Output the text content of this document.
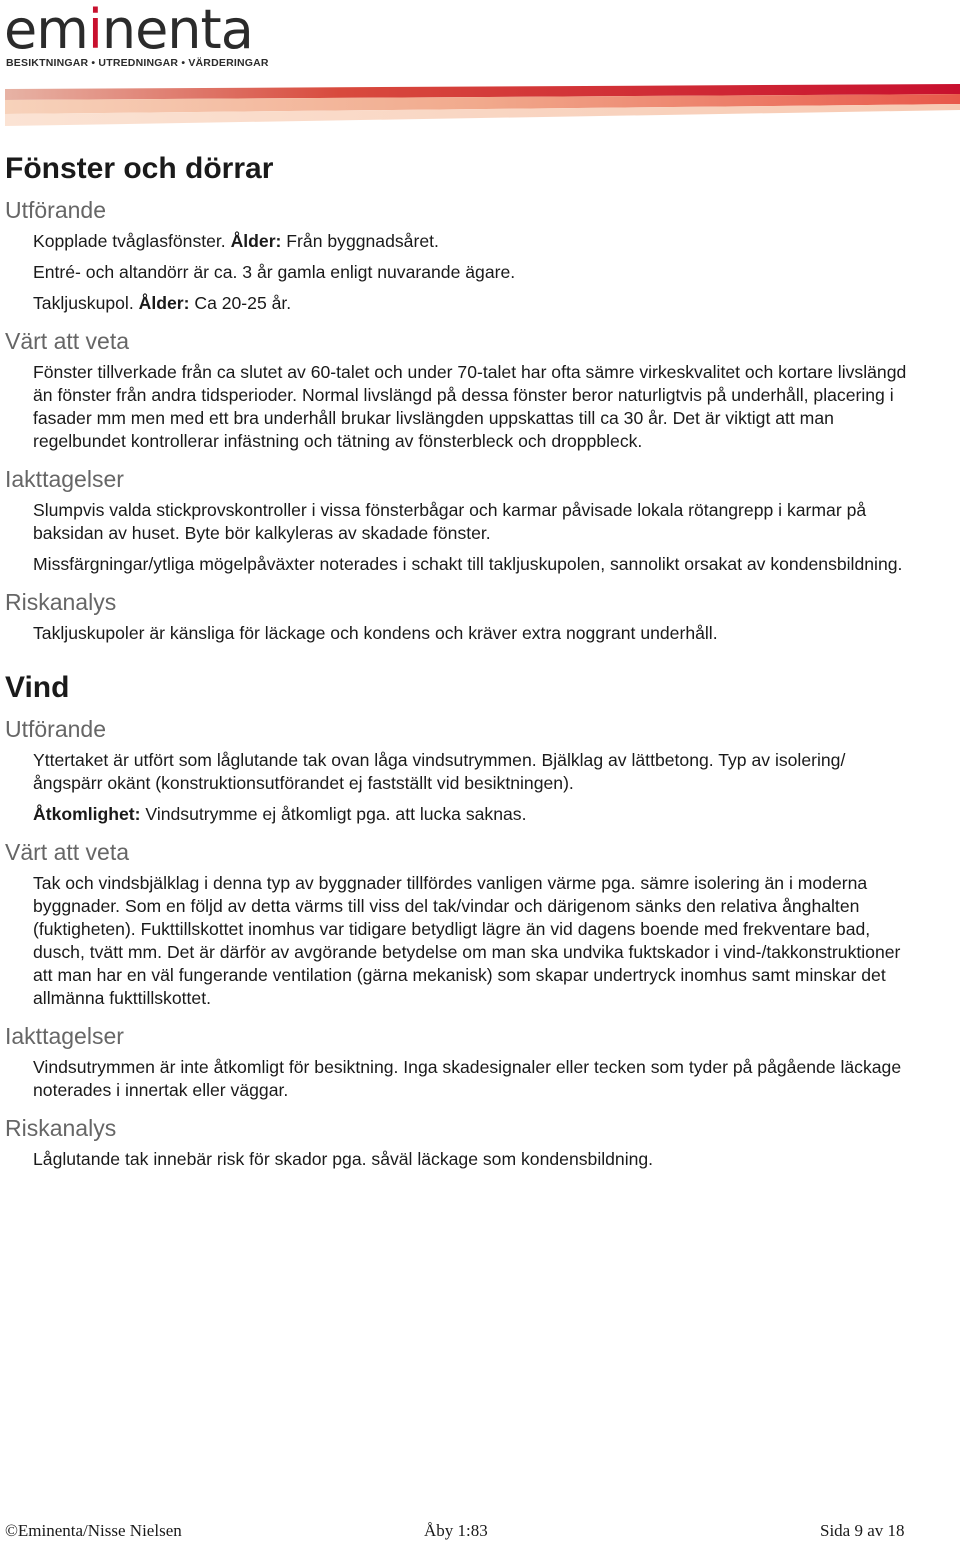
eminenta
BESIKTNINGAR • UTREDNINGAR • VÄRDERINGAR
Fönster och dörrar
Utförande

Kopplade tvåglasfönster. Ålder: Från byggnadsåret.

Entré- och altandörr är ca. 3 år gamla enligt nuvarande ägare.

Takljuskupol. Ålder: Ca 20-25 år.

Värt att veta

Fönster tillverkade från ca slutet av 60-talet och under 70-talet har ofta sämre virkeskvalitet och kortare livslängd än fönster från andra tidsperioder. Normal livslängd på dessa fönster beror naturligtvis på underhåll, placering i fasader mm men med ett bra underhåll brukar livslängden uppskattas till ca 30 år. Det är viktigt att man regelbundet kontrollerar infästning och tätning av fönsterbleck och droppbleck.

Iakttagelser

Slumpvis valda stickprovskontroller i vissa fönsterbågar och karmar påvisade lokala rötangrepp i karmar på baksidan av huset. Byte bör kalkyleras av skadade fönster.

Missfärgningar/ytliga mögelpåväxter noterades i schakt till takljuskupolen, sannolikt orsakat av kondensbildning.

Riskanalys

Takljuskupoler är känsliga för läckage och kondens och kräver extra noggrant underhåll.

Vind
Utförande

Yttertaket är utfört som låglutande tak ovan låga vindsutrymmen. Bjälklag av lättbetong. Typ av isolering/ångspärr okänt (konstruktionsutförandet ej fastställt vid besiktningen).

Åtkomlighet: Vindsutrymme ej åtkomligt pga. att lucka saknas.

Värt att veta

Tak och vindsbjälklag i denna typ av byggnader tillfördes vanligen värme pga. sämre isolering än i moderna byggnader. Som en följd av detta värms till viss del tak/vindar och därigenom sänks den relativa ånghalten (fuktigheten). Fukttillskottet inomhus var tidigare betydligt lägre än vid dagens boende med frekventare bad, dusch, tvätt mm. Det är därför av avgörande betydelse om man ska undvika fuktskador i vind-/takkonstruktioner att man har en väl fungerande ventilation (gärna mekanisk) som skapar undertryck inomhus samt minskar det allmänna fukttillskottet.

Iakttagelser

Vindsutrymmen är inte åtkomligt för besiktning. Inga skadesignaler eller tecken som tyder på pågående läckage noterades i innertak eller väggar.

Riskanalys

Låglutande tak innebär risk för skador pga. såväl läckage som kondensbildning.

©Eminenta/Nisse Nielsen	Åby 1:83	Sida 9 av 18
